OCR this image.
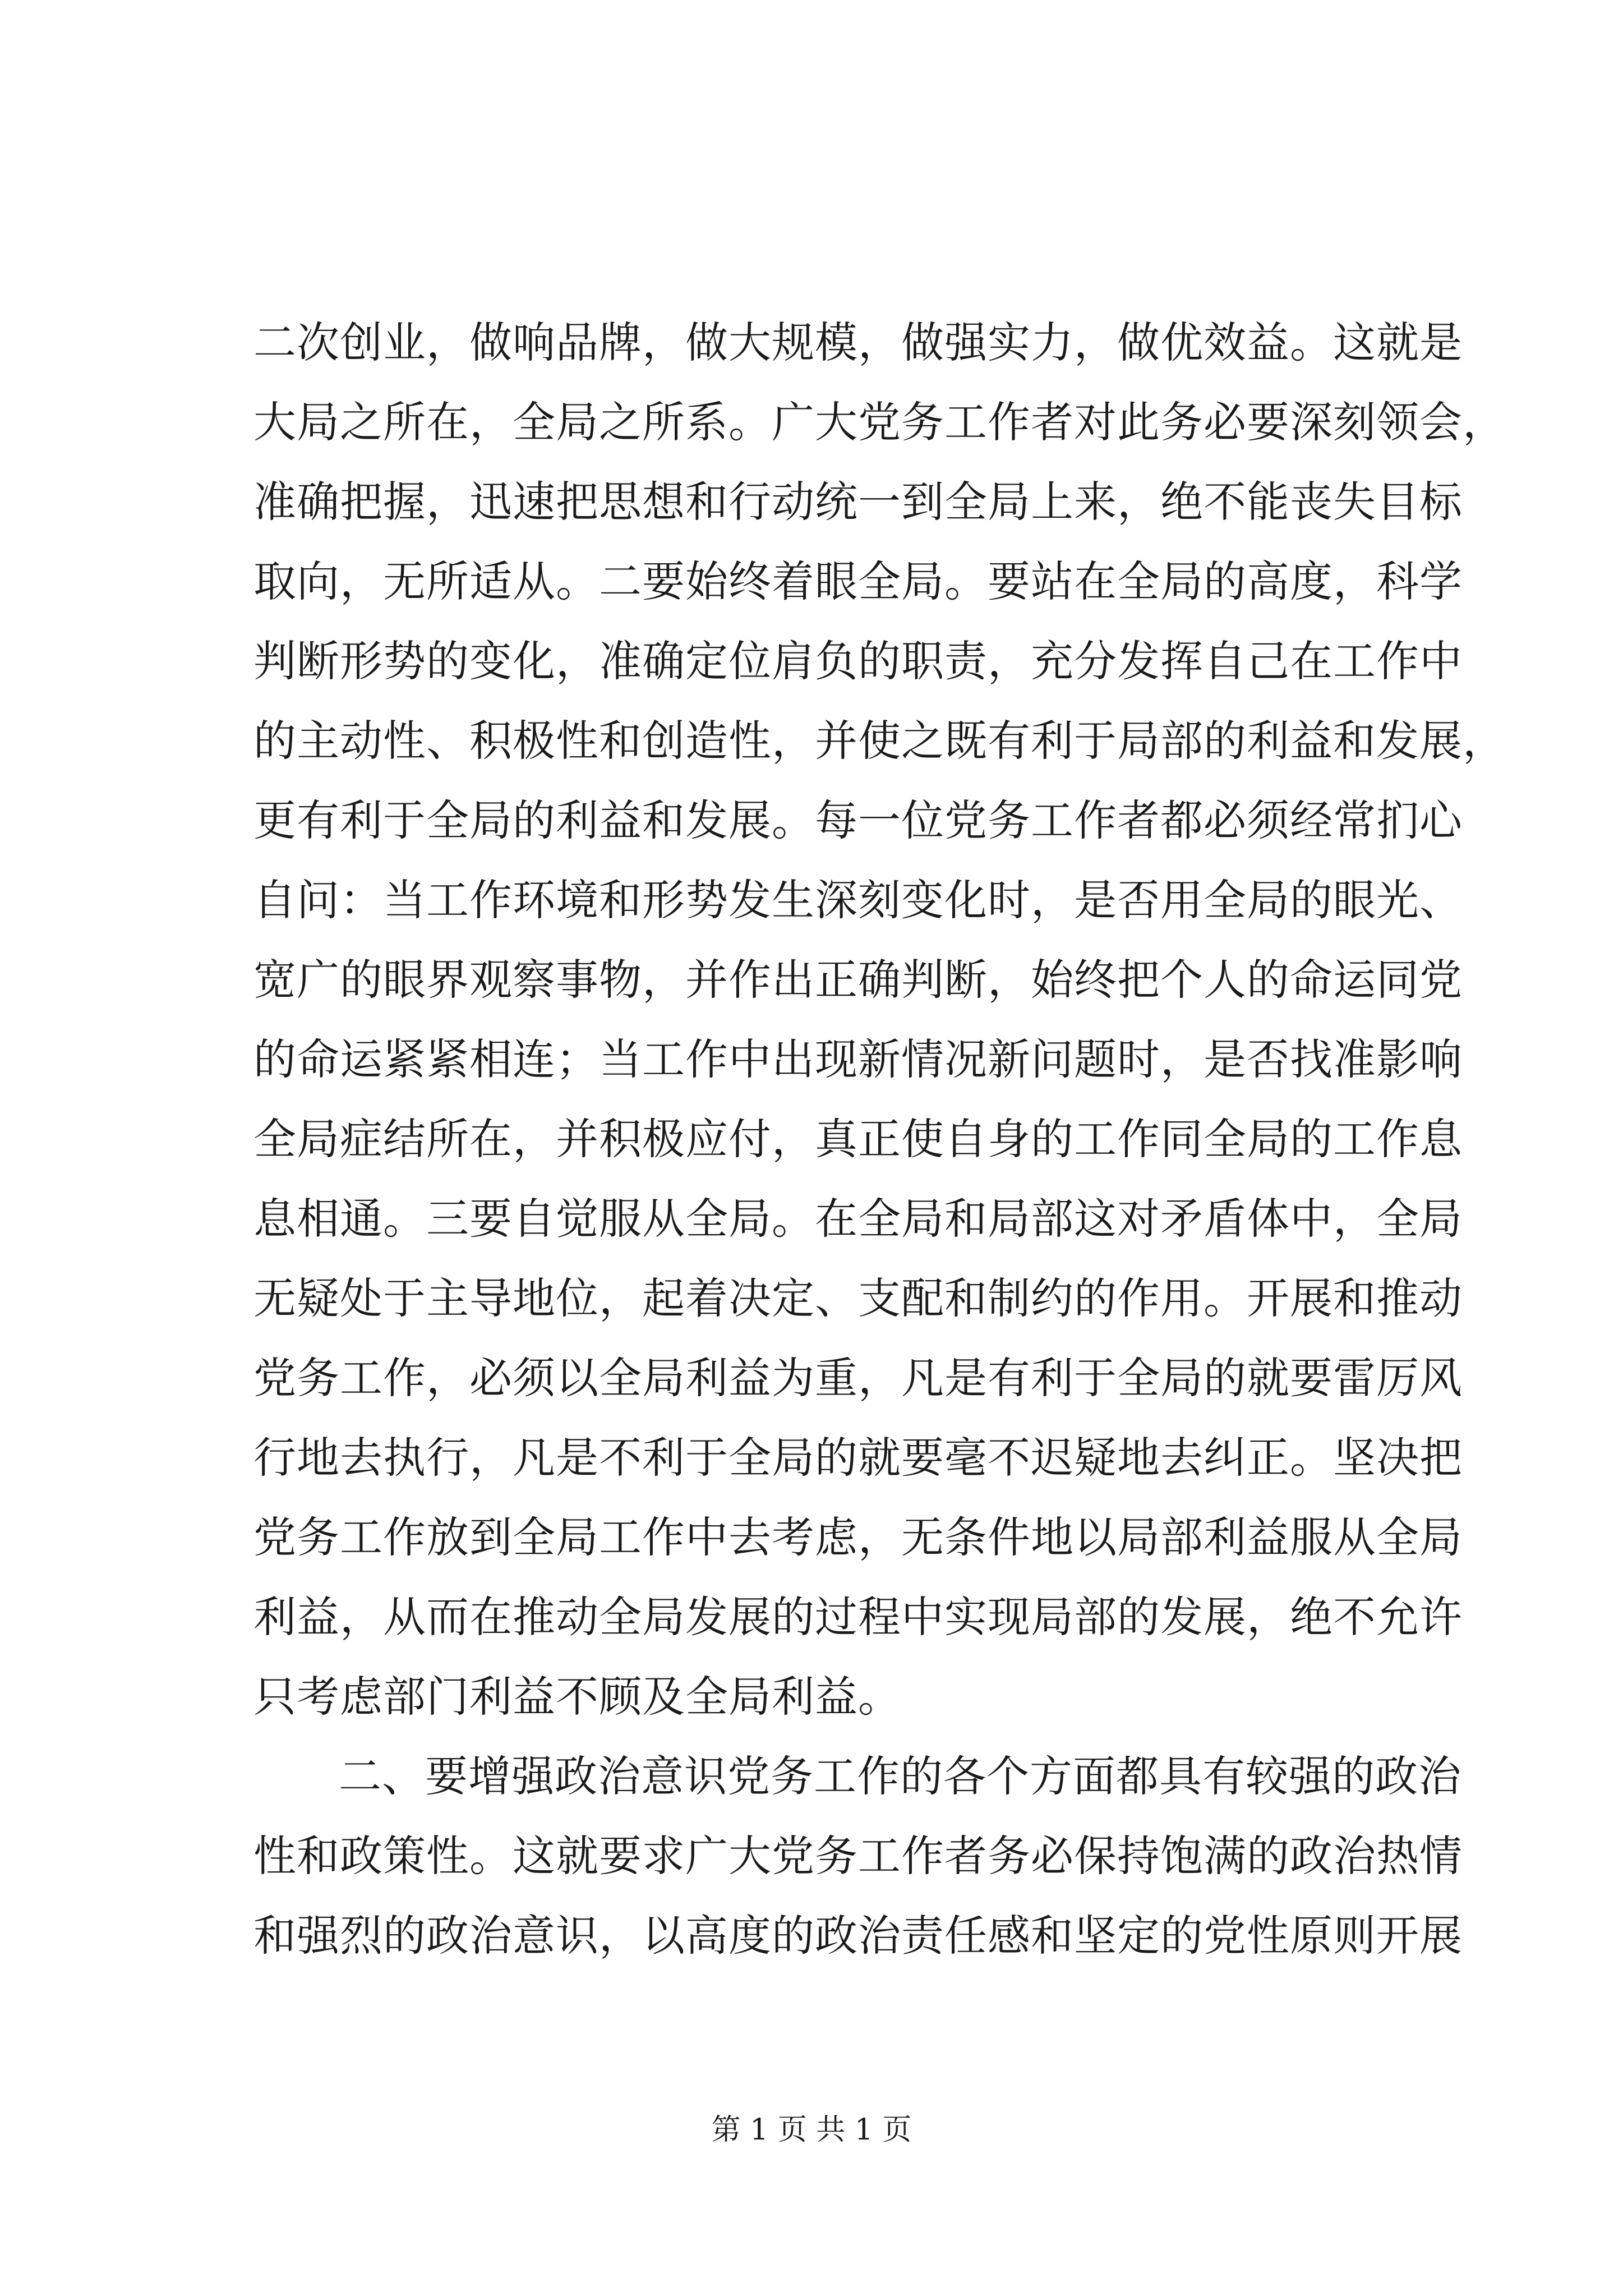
二次创业，做响品牌，做大规模，做强实力，做优效益。这就是
大局之所在，全局之所系。广大党务工作者对此务必要深刻领会，
准确把握，迅速把思想和行动统一到全局上来，绝不能丧失目标
取向，无所适从。二要始终着眼全局。要站在全局的高度，科学
判断形势的变化，准确定位肩负的职责，充分发挥自己在工作中
的主动性、积极性和创造性，并使之既有利于局部的利益和发展，
更有利于全局的利益和发展。每一位党务工作者都必须经常扪心
自问：当工作环境和形势发生深刻变化时，是否用全局的眼光、
宽广的眼界观察事物，并作出正确判断，始终把个人的命运同党
的命运紧紧相连；当工作中出现新情况新问题时，是否找准影响
全局症结所在，并积极应付，真正使自身的工作同全局的工作息
息相通。三要自觉服从全局。在全局和局部这对矛盾体中，全局
无疑处于主导地位，起着决定、支配和制约的作用。开展和推动
党务工作，必须以全局利益为重，凡是有利于全局的就要雷厉风
行地去执行，凡是不利于全局的就要毫不迟疑地去纠正。坚决把
党务工作放到全局工作中去考虑，无条件地以局部利益服从全局
利益，从而在推动全局发展的过程中实现局部的发展，绝不允许
只考虑部门利益不顾及全局利益。
二、要增强政治意识党务工作的各个方面都具有较强的政治
性和政策性。这就要求广大党务工作者务必保持饱满的政治热情
和强烈的政治意识，以高度的政治责任感和坚定的党性原则开展
第 1 页 共 1 页
